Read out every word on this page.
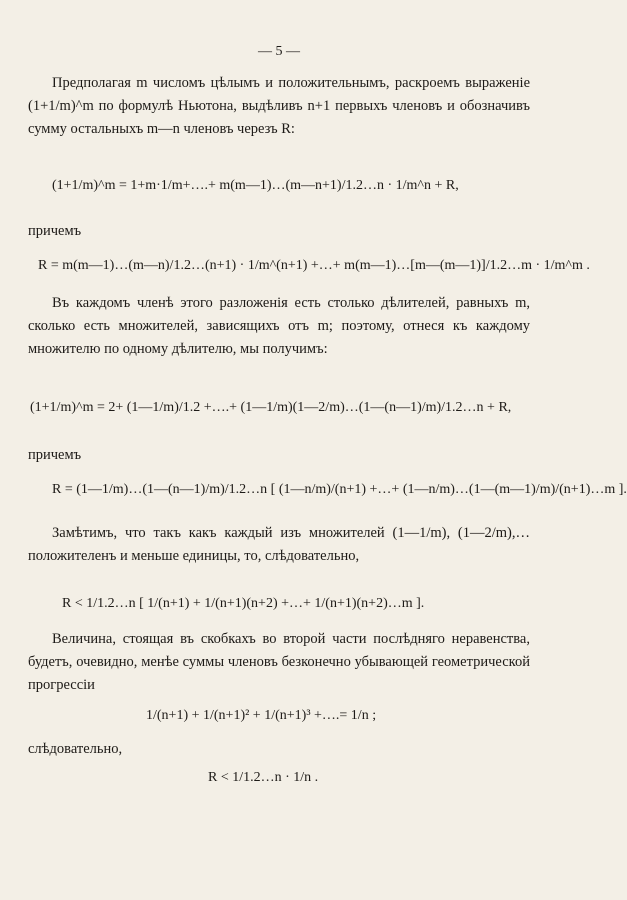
— 5 —
Предполагая m числомъ цѣлымъ и положительнымъ, раскроемъ выраженіе (1+1/m)^m по формулѣ Ньютона, выдѣливъ n+1 первыхъ членовъ и обозначивъ сумму остальныхъ m—n членовъ черезъ R:
(1+1/m)^m = 1+m·1/m+….+ m(m—1)…(m—n+1)/1.2…n · 1/m^n + R,
причемъ
R = m(m—1)…(m—n)/1.2…(n+1) · 1/m^(n+1) +…+ m(m—1)…[m—(m—1)]/1.2…m · 1/m^m .
Въ каждомъ членѣ этого разложенія есть столько дѣлителей, равныхъ m, сколько есть множителей, зависящихъ отъ m; поэтому, отнеся къ каждому множителю по одному дѣлителю, мы получимъ:
(1+1/m)^m = 2+ (1—1/m)/1.2 +….+ (1—1/m)(1—2/m)…(1—(n—1)/m)/1.2…n + R,
причемъ
R = (1—1/m)…(1—(n—1)/m)/1.2…n [ (1—n/m)/(n+1) +…+ (1—n/m)…(1—(m—1)/m)/(n+1)…m ].
Замѣтимъ, что такъ какъ каждый изъ множителей (1—1/m), (1—2/m),…положителенъ и меньше единицы, то, слѣдовательно,
R < 1/1.2…n [ 1/(n+1) + 1/(n+1)(n+2) +…+ 1/(n+1)(n+2)…m ].
Величина, стоящая въ скобкахъ во второй части послѣдняго неравенства, будетъ, очевидно, менѣе суммы членовъ безконечно убывающей геометрической прогрессіи
1/(n+1) + 1/(n+1)² + 1/(n+1)³ +….= 1/n ;
слѣдовательно,
R < 1/1.2…n · 1/n .
